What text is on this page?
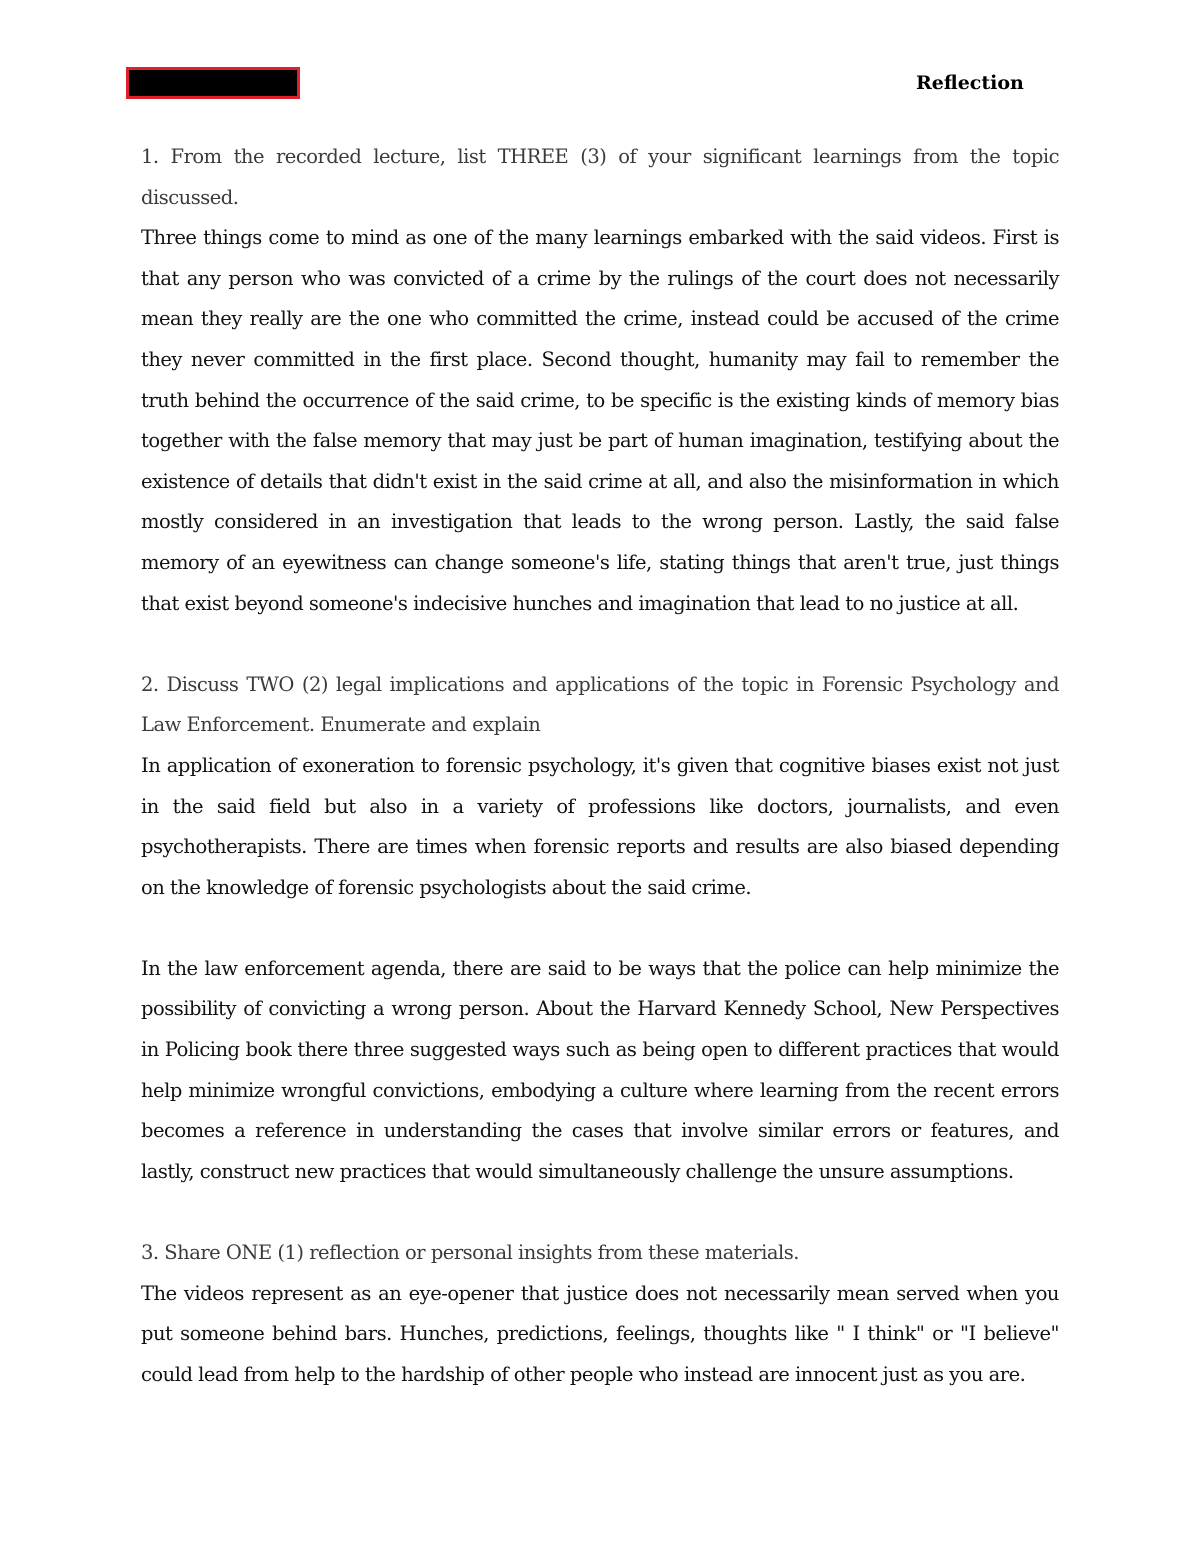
Reflection

1. From the recorded lecture, list THREE (3) of your significant learnings from the topic discussed.

Three things come to mind as one of the many learnings embarked with the said videos. First is that any person who was convicted of a crime by the rulings of the court does not necessarily mean they really are the one who committed the crime, instead could be accused of the crime they never committed in the first place. Second thought, humanity may fail to remember the truth behind the occurrence of the said crime, to be specific is the existing kinds of memory bias together with the false memory that may just be part of human imagination, testifying about the existence of details that didn't exist in the said crime at all, and also the misinformation in which mostly considered in an investigation that leads to the wrong person. Lastly, the said false memory of an eyewitness can change someone's life, stating things that aren't true, just things that exist beyond someone's indecisive hunches and imagination that lead to no justice at all.

2. Discuss TWO (2) legal implications and applications of the topic in Forensic Psychology and Law Enforcement. Enumerate and explain

In application of exoneration to forensic psychology, it's given that cognitive biases exist not just in the said field but also in a variety of professions like doctors, journalists, and even psychotherapists. There are times when forensic reports and results are also biased depending on the knowledge of forensic psychologists about the said crime.

In the law enforcement agenda, there are said to be ways that the police can help minimize the possibility of convicting a wrong person. About the Harvard Kennedy School, New Perspectives in Policing book there three suggested ways such as being open to different practices that would help minimize wrongful convictions, embodying a culture where learning from the recent errors becomes a reference in understanding the cases that involve similar errors or features, and lastly, construct new practices that would simultaneously challenge the unsure assumptions.

3. Share ONE (1) reflection or personal insights from these materials.

The videos represent as an eye-opener that justice does not necessarily mean served when you put someone behind bars. Hunches, predictions, feelings, thoughts like " I think" or "I believe" could lead from help to the hardship of other people who instead are innocent just as you are.
